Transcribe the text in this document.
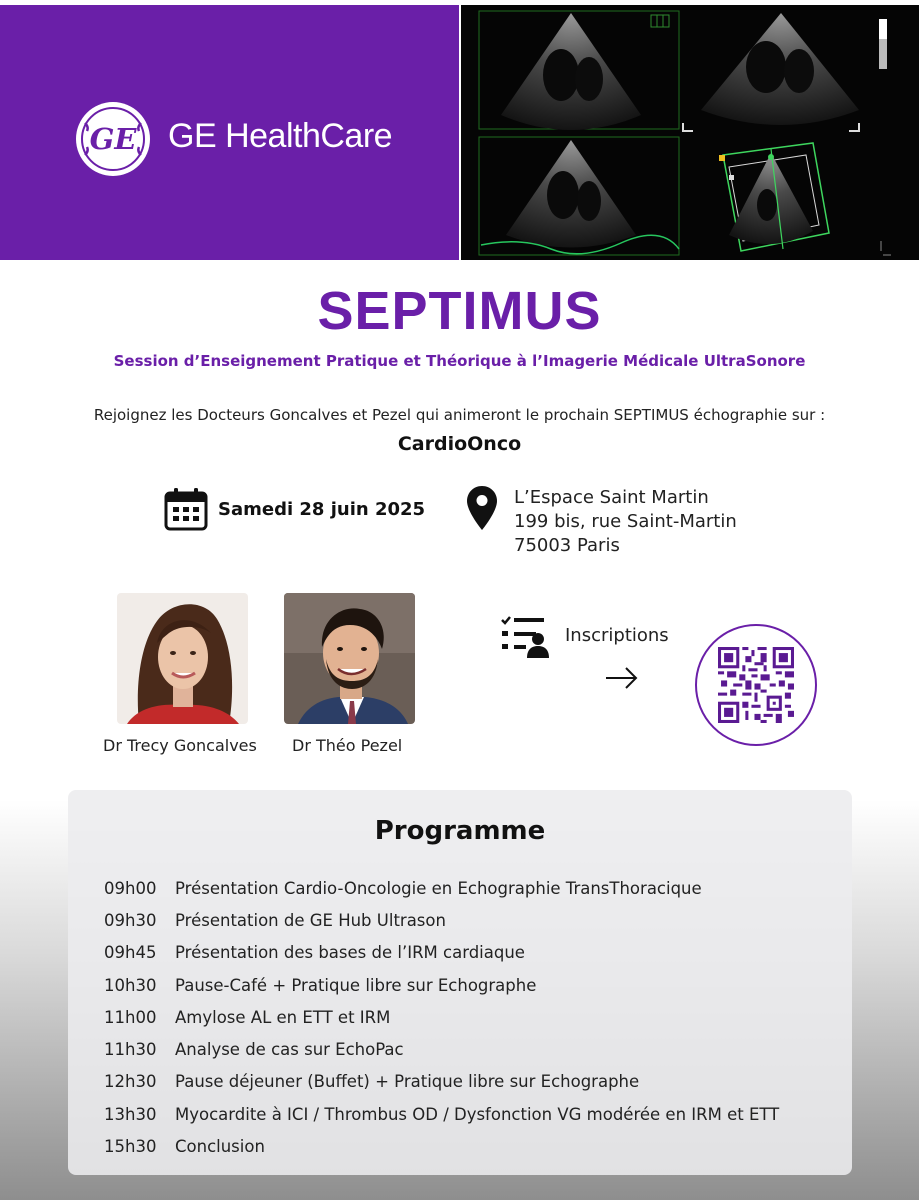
GE GE HealthCare
SEPTIMUS
Session d’Enseignement Pratique et Théorique à l’Imagerie Médicale UltraSonore
Rejoignez les Docteurs Goncalves et Pezel qui animeront le prochain SEPTIMUS échographie sur :
CardioOnco
Samedi 28 juin 2025
L’Espace Saint Martin
199 bis, rue Saint-Martin
75003 Paris
Dr Trecy Goncalves Dr Théo Pezel
Inscriptions
Programme
09h00	Présentation Cardio-Oncologie en Echographie TransThoracique
09h30	Présentation de GE Hub Ultrason
09h45	Présentation des bases de l’IRM cardiaque
10h30	Pause-Café + Pratique libre sur Echographe
11h00	Amylose AL en ETT et IRM
11h30	Analyse de cas sur EchoPac
12h30	Pause déjeuner (Buffet) + Pratique libre sur Echographe
13h30	Myocardite à ICI / Thrombus OD / Dysfonction VG modérée en IRM et ETT
15h30	Conclusion
